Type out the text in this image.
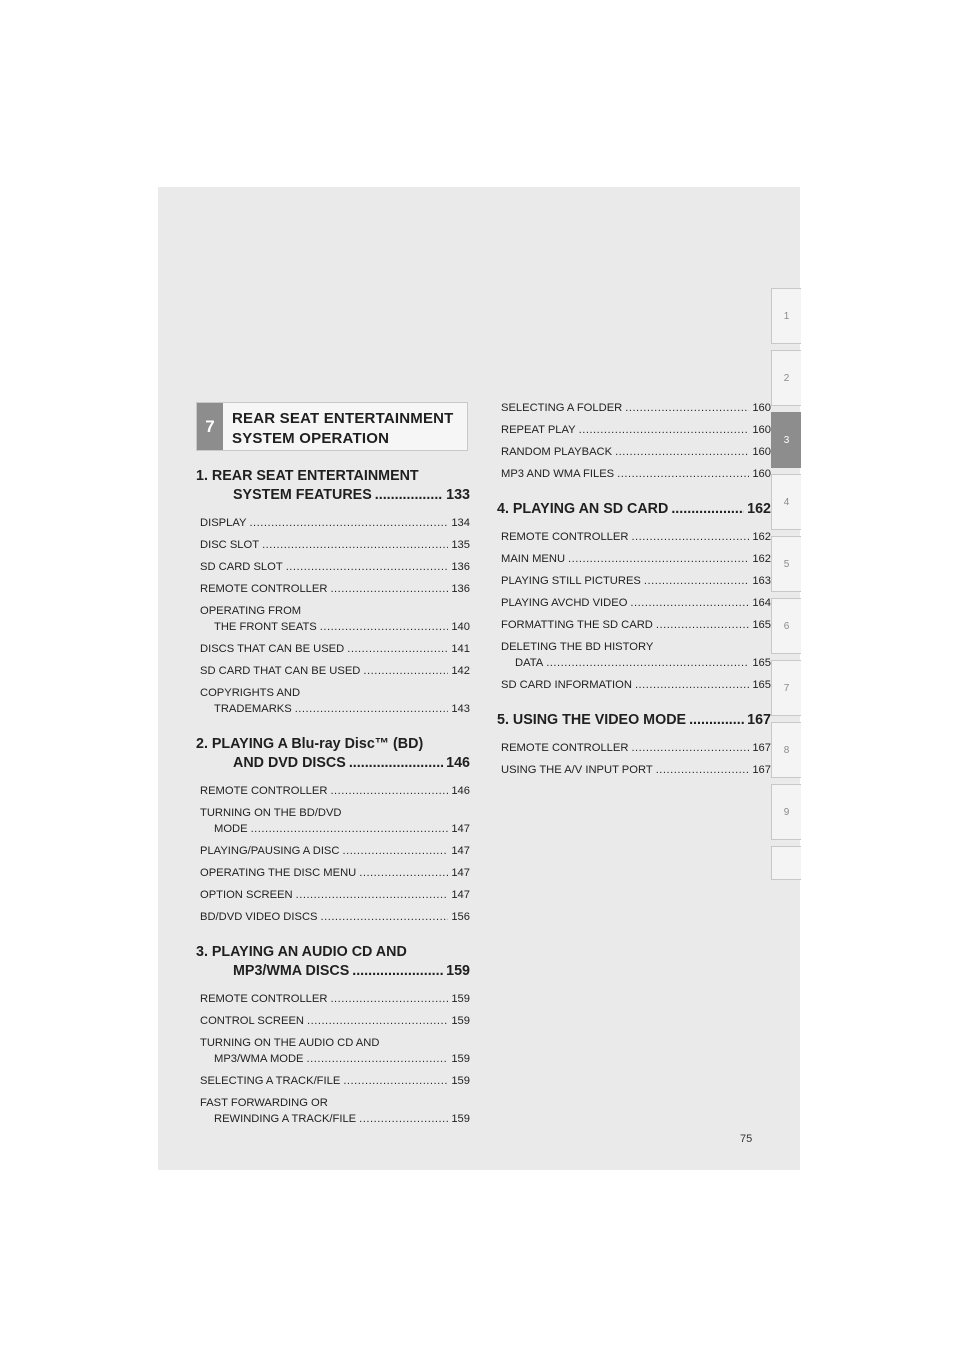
1
2
3
4
5
6
7
8
9
7	REAR SEAT ENTERTAINMENT
SYSTEM OPERATION
1. REAR SEAT ENTERTAINMENT
SYSTEM FEATURES .....	133
DISPLAY .....	134
DISC SLOT .....	135
SD CARD SLOT .....	136
REMOTE CONTROLLER .....	136
OPERATING FROM
THE FRONT SEATS .....	140
DISCS THAT CAN BE USED .....	141
SD CARD THAT CAN BE USED .....	142
COPYRIGHTS AND
TRADEMARKS .....	143
2. PLAYING A Blu-ray Disc™ (BD)
AND DVD DISCS .....	146
REMOTE CONTROLLER .....	146
TURNING ON THE BD/DVD
MODE .....	147
PLAYING/PAUSING A DISC .....	147
OPERATING THE DISC MENU .....	147
OPTION SCREEN .....	147
BD/DVD VIDEO DISCS .....	156
3. PLAYING AN AUDIO CD AND
MP3/WMA DISCS .....	159
REMOTE CONTROLLER .....	159
CONTROL SCREEN .....	159
TURNING ON THE AUDIO CD AND
MP3/WMA MODE .....	159
SELECTING A TRACK/FILE .....	159
FAST FORWARDING OR
REWINDING A TRACK/FILE .....	159
SELECTING A FOLDER .....	160
REPEAT PLAY .....	160
RANDOM PLAYBACK .....	160
MP3 AND WMA FILES .....	160
4. PLAYING AN SD CARD .....	162
REMOTE CONTROLLER .....	162
MAIN MENU .....	162
PLAYING STILL PICTURES .....	163
PLAYING AVCHD VIDEO .....	164
FORMATTING THE SD CARD .....	165
DELETING THE BD HISTORY
DATA .....	165
SD CARD INFORMATION .....	165
5. USING THE VIDEO MODE .....	167
REMOTE CONTROLLER .....	167
USING THE A/V INPUT PORT .....	167
75
